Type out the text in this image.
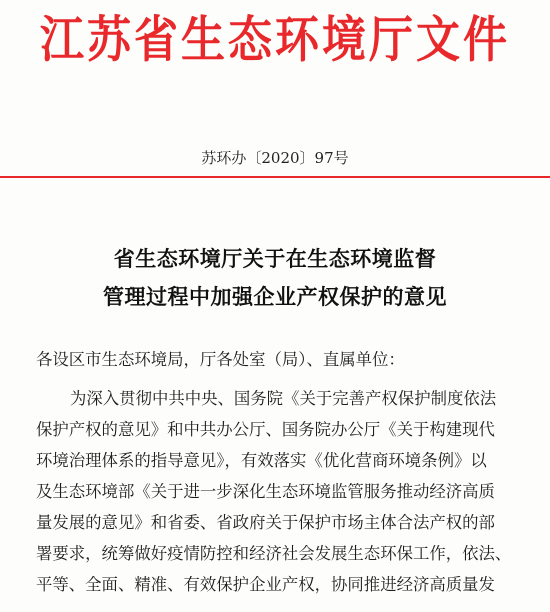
江苏省生态环境厅文件
苏环办〔2020〕97号
省生态环境厅关于在生态环境监督
管理过程中加强企业产权保护的意见
各设区市生态环境局，厅各处室（局）、直属单位：
为深入贯彻中共中央、国务院《关于完善产权保护制度依法
保护产权的意见》和中共办公厅、国务院办公厅《关于构建现代
环境治理体系的指导意见》，有效落实《优化营商环境条例》以
及生态环境部《关于进一步深化生态环境监管服务推动经济高质
量发展的意见》和省委、省政府关于保护市场主体合法产权的部
署要求，统筹做好疫情防控和经济社会发展生态环保工作，依法、
平等、全面、精准、有效保护企业产权，协同推进经济高质量发
